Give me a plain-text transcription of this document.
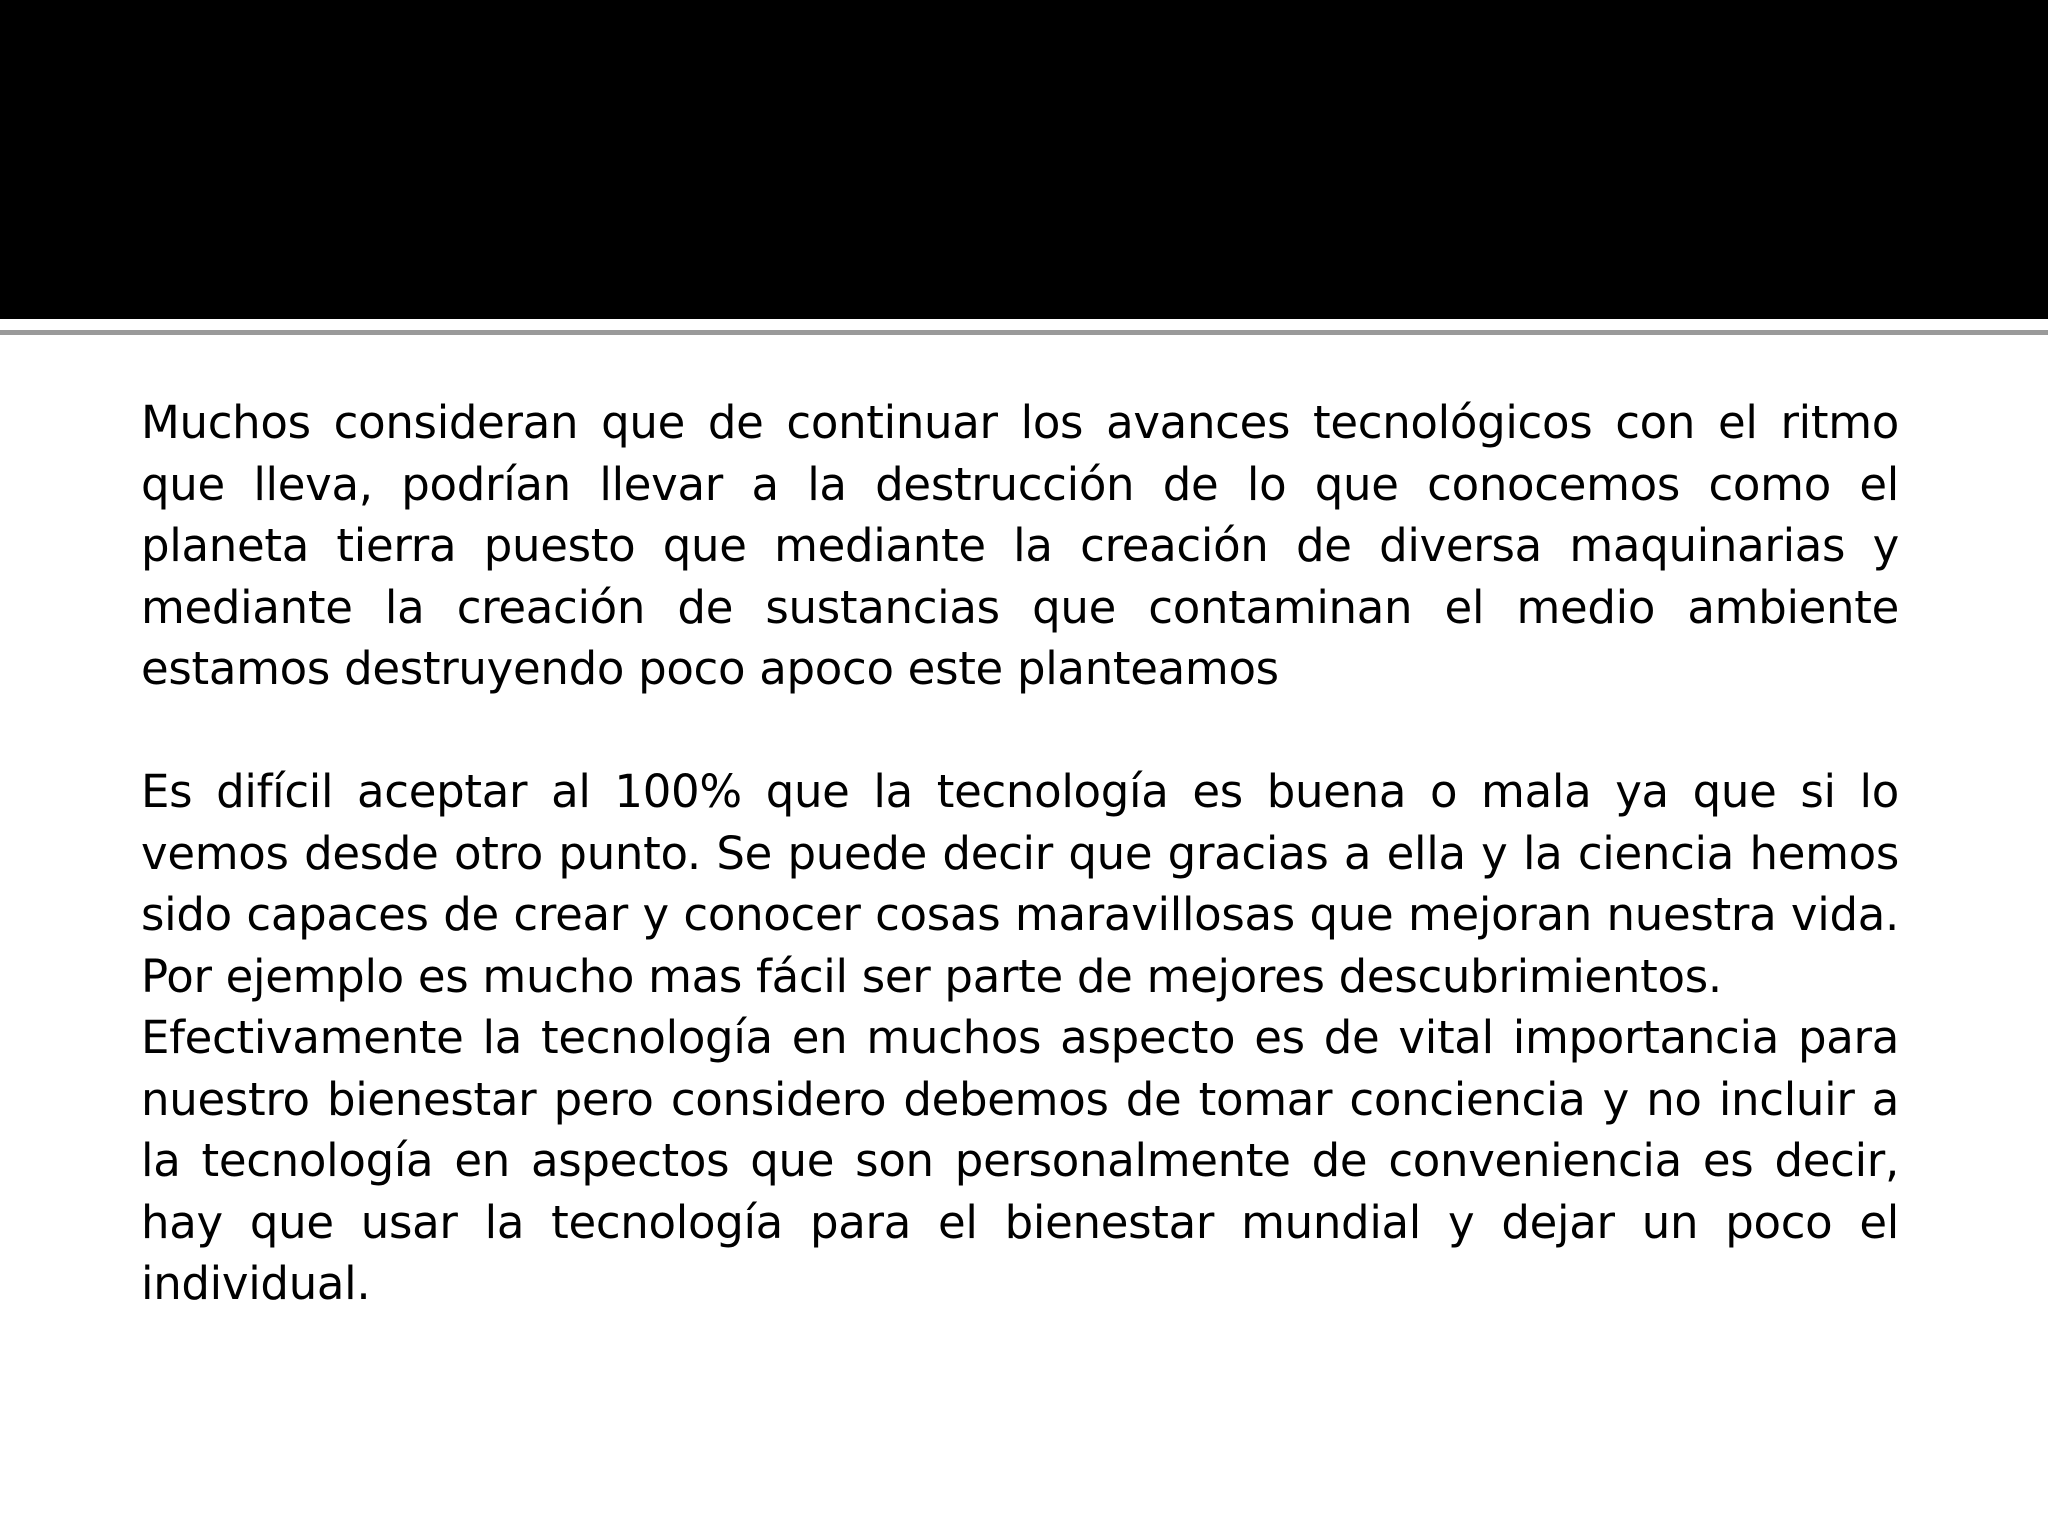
Muchos consideran que de continuar los avances tecnológicos con el ritmo que lleva, podrían llevar a la destrucción de lo que conocemos como el planeta tierra puesto que mediante la creación de diversa maquinarias y mediante la creación de sustancias que contaminan el medio ambiente estamos destruyendo poco apoco este planteamos

Es difícil aceptar al 100% que la tecnología es buena o mala ya que si lo vemos desde otro punto. Se puede decir que gracias a ella y la ciencia hemos sido capaces de crear y conocer cosas maravillosas que mejoran nuestra vida. Por ejemplo es mucho mas fácil ser parte de mejores descubrimientos.

Efectivamente la tecnología en muchos aspecto es de vital importancia para nuestro bienestar pero considero debemos de tomar conciencia y no incluir a la tecnología en aspectos que son personalmente de conveniencia es decir, hay que usar la tecnología para el bienestar mundial y dejar un poco el individual.
